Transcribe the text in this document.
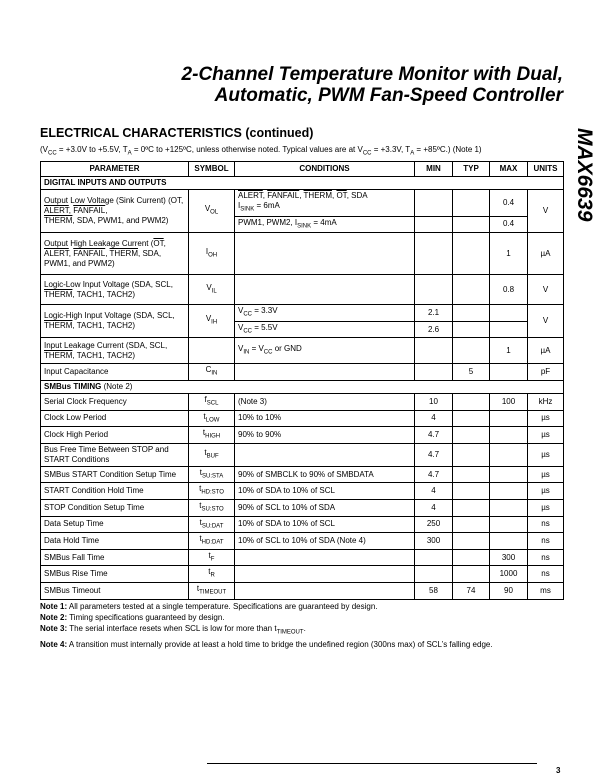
2-Channel Temperature Monitor with Dual,
Automatic, PWM Fan-Speed Controller
MAX6639
ELECTRICAL CHARACTERISTICS (continued)
($V_{CC} = +3.0V$ to +5.5V, $T_A$ = 0ºC to +125ºC, unless otherwise noted. Typical values are at $V_{CC} = +3.3V$, $T_A$ = +85ºC.) (Note 1)
PARAMETER	SYMBOL	CONDITIONS	MIN	TYP	MAX	UNITS
DIGITAL INPUTS AND OUTPUTS						
Output Low Voltage (Sink Current) (OT, ALERT, FANFAIL,
THERM, SDA, PWM1, and PWM2)	$V_{OL}$	ALERT, FANFAIL, THERM, $\overline{OT}$, SDA
$I_{SINK} = 6mA$			0.4	V
		PWM1, PWM2, $I_{SINK} = 4mA$			0.4	
Output High Leakage Current ($\overline{OT}$, ALERT, FANFAIL, THERM, SDA, PWM1, and PWM2)	$I_{OH}$				1	µA
Logic-Low Input Voltage (SDA, SCL, THERM, TACH1, TACH2)	$V_{IL}$				0.8	V
Logic-High Input Voltage (SDA, SCL, THERM, TACH1, TACH2)	$V_{IH}$	$V_{CC} = 3.3V$	2.1			V
		$V_{CC} = 5.5V$	2.6			
Input Leakage Current (SDA, SCL, THERM, TACH1, TACH2)		$V_{IN} = V_{CC}$ or GND			1	µA
Input Capacitance	$C_{IN}$			5		pF
SMBus TIMING (Note 2)						
Serial Clock Frequency	$f_{SCL}$	(Note 3)	10		100	kHz
Clock Low Period	$t_{LOW}$	10% to 10%	4			µs
Clock High Period	$t_{HIGH}$	90% to 90%	4.7			µs
Bus Free Time Between STOP and START Conditions	$t_{BUF}$		4.7			µs
SMBus START Condition Setup Time	$t_{SU:STA}$	90% of SMBCLK to 90% of SMBDATA	4.7			µs
START Condition Hold Time	$t_{HD:STO}$	10% of SDA to 10% of SCL	4			µs
STOP Condition Setup Time	$t_{SU:STO}$	90% of SCL to 10% of SDA	4			µs
Data Setup Time	$t_{SU:DAT}$	10% of SDA to 10% of SCL	250			ns
Data Hold Time	$t_{HD:DAT}$	10% of SCL to 10% of SDA (Note 4)	300			ns
SMBus Fall Time	$t_F$				300	ns
SMBus Rise Time	$t_R$				1000	ns
SMBus Timeout	$t_{TIMEOUT}$		58	74	90	ms
Note 1: All parameters tested at a single temperature. Specifications are guaranteed by design.
Note 2: Timing specifications guaranteed by design.
Note 3: The serial interface resets when SCL is low for more than $t_{TIMEOUT}$.
Note 4: A transition must internally provide at least a hold time to bridge the undefined region (300ns max) of SCL’s falling edge.
3
